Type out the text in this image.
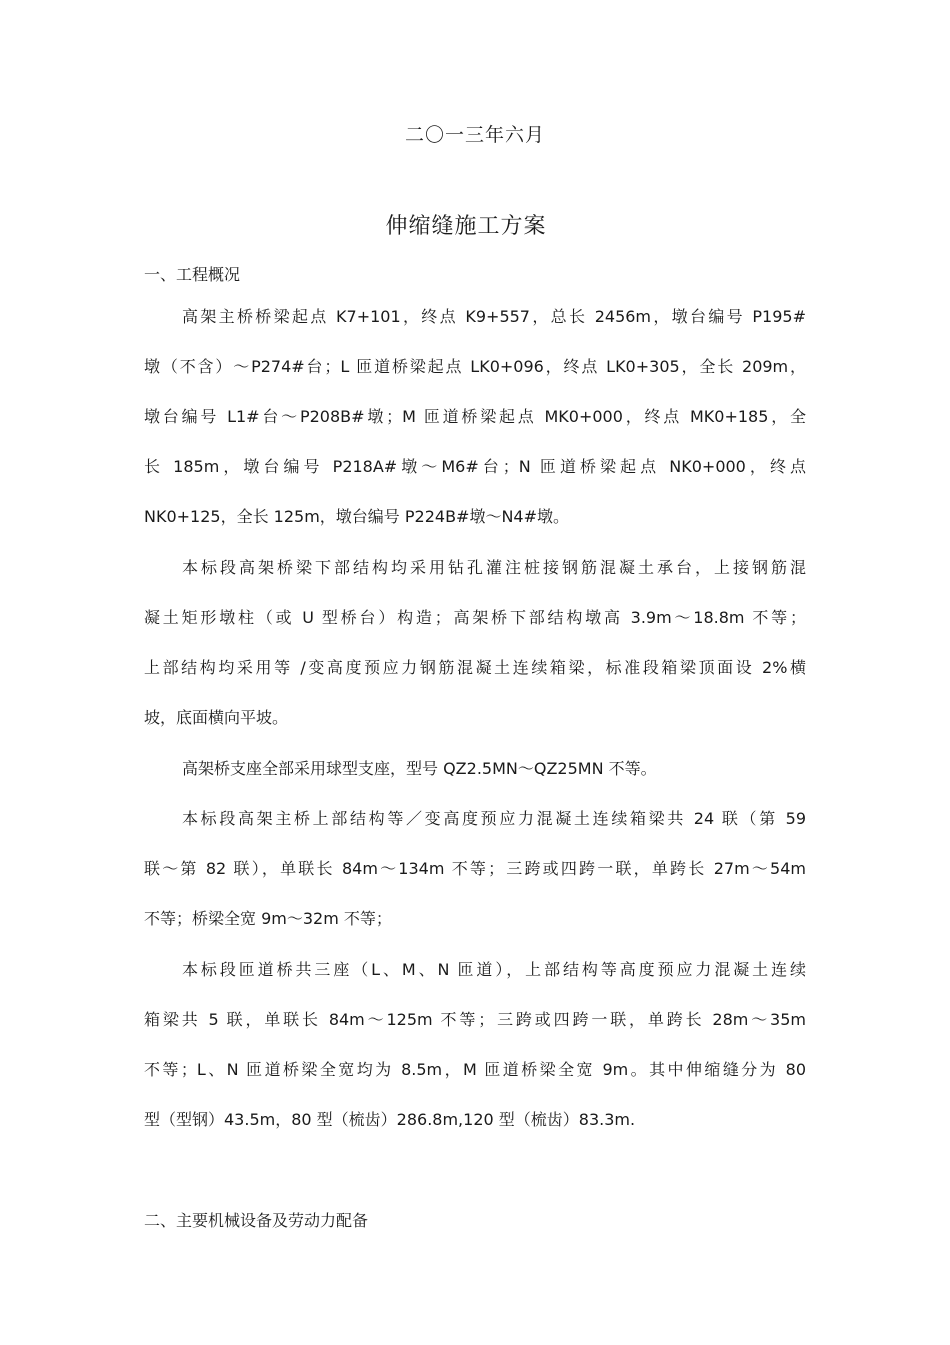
二〇一三年六月
伸缩缝施工方案
一、工程概况
高架主桥桥梁起点 K7+101，终点 K9+557，总长 2456m，墩台编号 P195#
墩（不含）～P274#台；L 匝道桥梁起点 LK0+096，终点 LK0+305，全长 209m，
墩台编号 L1#台～P208B#墩；M 匝道桥梁起点 MK0+000，终点 MK0+185，全
长 185m，墩台编号 P218A#墩～M6#台；N 匝道桥梁起点 NK0+000，终点
NK0+125，全长 125m，墩台编号 P224B#墩～N4#墩。
本标段高架桥梁下部结构均采用钻孔灌注桩接钢筋混凝土承台，上接钢筋混
凝土矩形墩柱（或 U 型桥台）构造；高架桥下部结构墩高 3.9m～18.8m 不等；
上部结构均采用等 /变高度预应力钢筋混凝土连续箱梁，标准段箱梁顶面设 2%横
坡，底面横向平坡。
高架桥支座全部采用球型支座，型号 QZ2.5MN～QZ25MN 不等。
本标段高架主桥上部结构等／变高度预应力混凝土连续箱梁共 24 联（第 59
联～第 82 联），单联长 84m～134m 不等；三跨或四跨一联，单跨长 27m～54m
不等；桥梁全宽 9m～32m 不等；
本标段匝道桥共三座（L、M、N 匝道），上部结构等高度预应力混凝土连续
箱梁共 5 联，单联长 84m～125m 不等；三跨或四跨一联，单跨长 28m～35m
不等；L、N 匝道桥梁全宽均为 8.5m，M 匝道桥梁全宽 9m。其中伸缩缝分为 80
型（型钢）43.5m，80 型（梳齿）286.8m,120 型（梳齿）83.3m.
二、主要机械设备及劳动力配备
